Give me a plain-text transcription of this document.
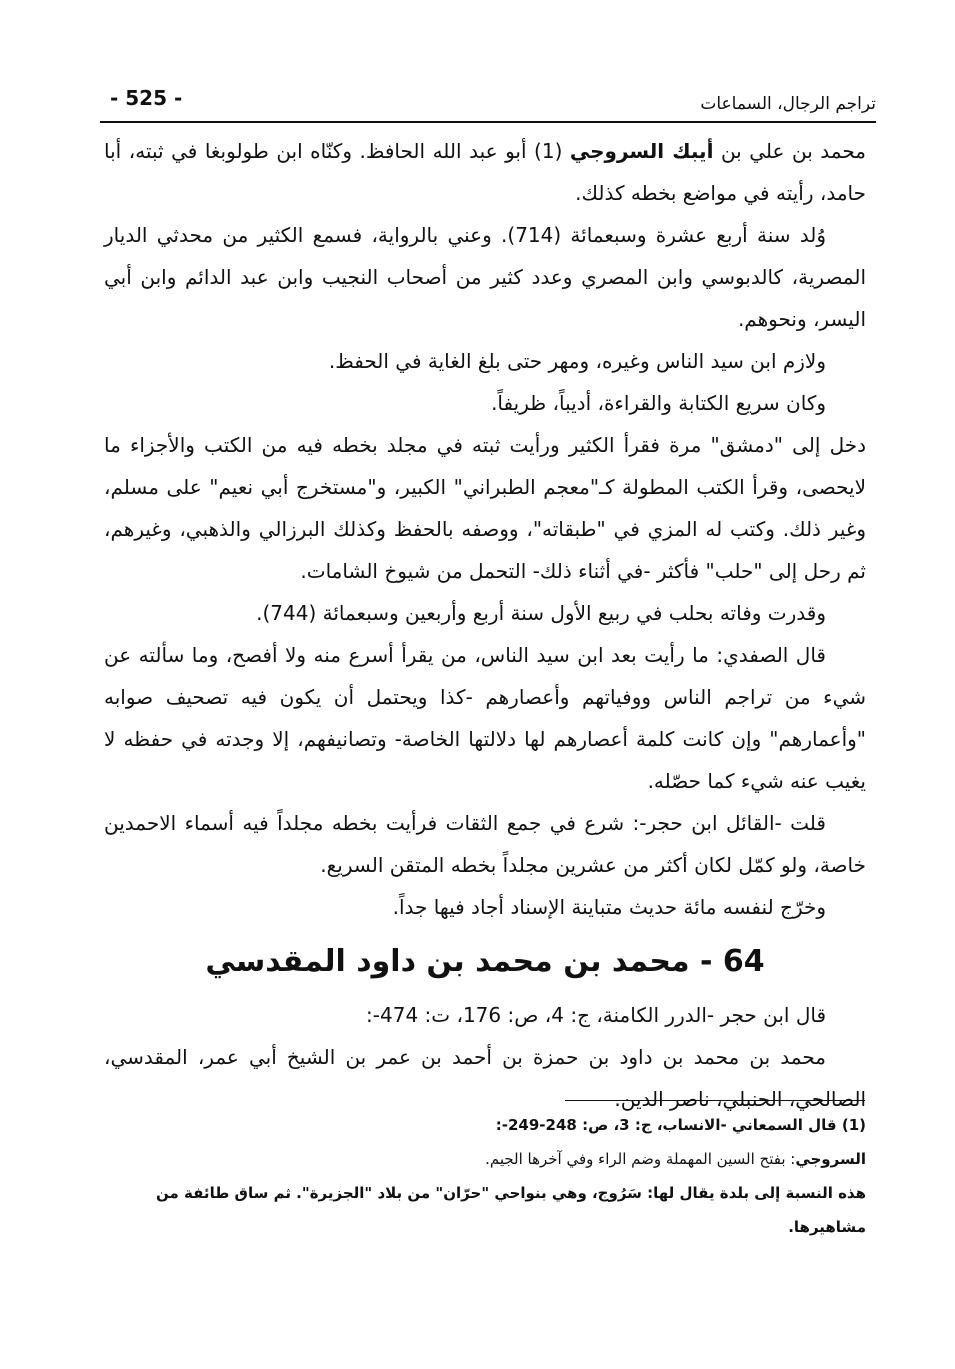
- 525 -	تراجم الرجال، السماعات

محمد بن علي بن أيبك السروجي (1) أبو عبد الله الحافظ. وكنّاه ابن طولوبغا في ثبته، أبا حامد، رأيته في مواضع بخطه كذلك.

وُلد سنة أربع عشرة وسبعمائة (714). وعني بالرواية، فسمع الكثير من محدثي الديار المصرية، كالدبوسي وابن المصري وعدد كثير من أصحاب النجيب وابن عبد الدائم وابن أبي اليسر، ونحوهم.

ولازم ابن سيد الناس وغيره، ومهر حتى بلغ الغاية في الحفظ.

وكان سريع الكتابة والقراءة، أديباً، ظريفاً.

دخل إلى "دمشق" مرة فقرأ الكثير ورأيت ثبته في مجلد بخطه فيه من الكتب والأجزاء ما لايحصى، وقرأ الكتب المطولة كـ"معجم الطبراني" الكبير، و"مستخرج أبي نعيم" على مسلم، وغير ذلك. وكتب له المزي في "طبقاته"، ووصفه بالحفظ وكذلك البرزالي والذهبي، وغيرهم، ثم رحل إلى "حلب" فأكثر -في أثناء ذلك- التحمل من شيوخ الشامات.

وقدرت وفاته بحلب في ربيع الأول سنة أربع وأربعين وسبعمائة (744).

قال الصفدي: ما رأيت بعد ابن سيد الناس، من يقرأ أسرع منه ولا أفصح، وما سألته عن شيء من تراجم الناس ووفياتهم وأعصارهم -كذا ويحتمل أن يكون فيه تصحيف صوابه "وأعمارهم" وإن كانت كلمة أعصارهم لها دلالتها الخاصة- وتصانيفهم، إلا وجدته في حفظه لا يغيب عنه شيء كما حصّله.

قلت -القائل ابن حجر-: شرع في جمع الثقات فرأيت بخطه مجلداً فيه أسماء الاحمدين خاصة، ولو كمّل لكان أكثر من عشرين مجلداً بخطه المتقن السريع.

وخرّج لنفسه مائة حديث متباينة الإسناد أجاد فيها جداً.

64 - محمد بن محمد بن داود المقدسي

قال ابن حجر -الدرر الكامنة، ج: 4، ص: 176، ت: 474-:

محمد بن محمد بن داود بن حمزة بن أحمد بن عمر بن الشيخ أبي عمر، المقدسي، الصالحي، الحنبلي، ناصر الدين.

(1) قال السمعاني -الانساب، ج: 3، ص: 248-249-:

السروجي: بفتح السين المهملة وضم الراء وفي آخرها الجيم.

هذه النسبة إلى بلدة يقال لها: سَرُوج، وهي بنواحي "حرّان" من بلاد "الجزيرة". ثم ساق طائفة من مشاهيرها.
